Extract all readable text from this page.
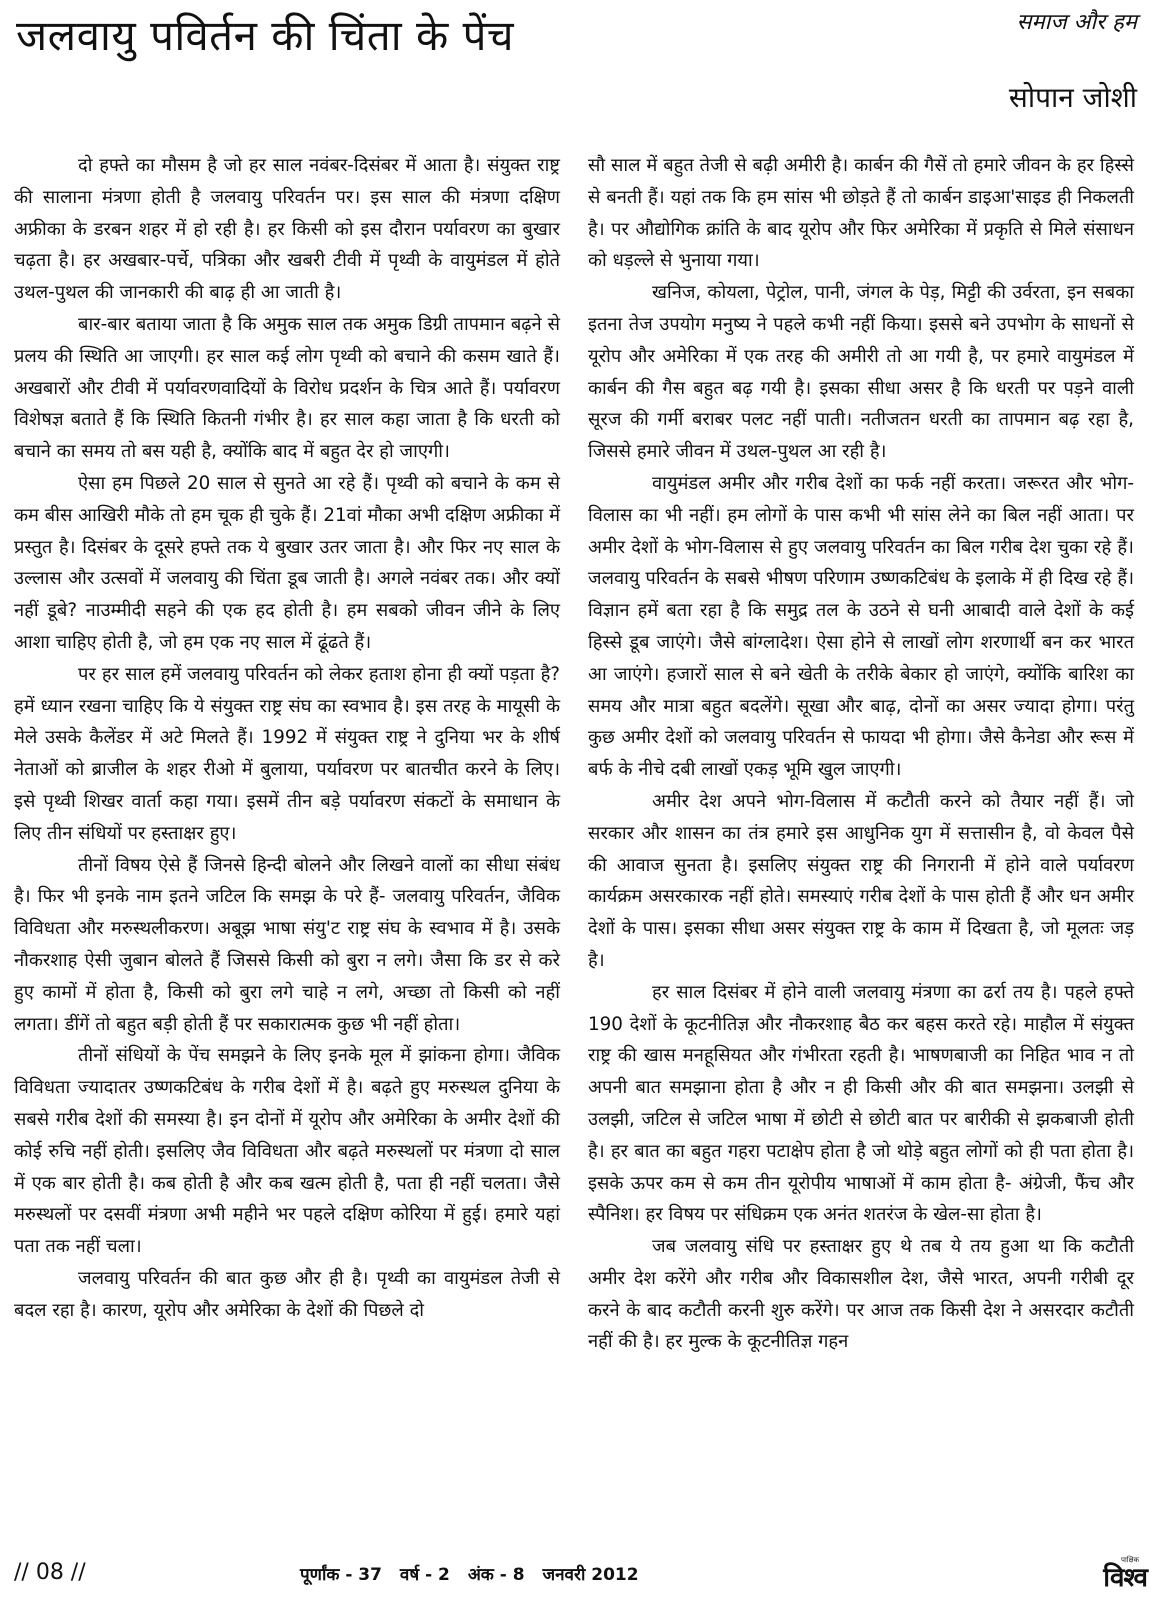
जलवायु पविर्तन की चिंता के पेंच	समाज और हम
सोपान जोशी

दो हफ्ते का मौसम है जो हर साल नवंबर-दिसंबर में आता है। संयुक्त राष्ट्र की सालाना मंत्रणा होती है जलवायु परिवर्तन पर। इस साल की मंत्रणा दक्षिण अफ्रीका के डरबन शहर में हो रही है। हर किसी को इस दौरान पर्यावरण का बुखार चढ़ता है। हर अखबार-पर्चे, पत्रिका और खबरी टीवी में पृथ्वी के वायुमंडल में होते उथल-पुथल की जानकारी की बाढ़ ही आ जाती है।

बार-बार बताया जाता है कि अमुक साल तक अमुक डिग्री तापमान बढ़ने से प्रलय की स्थिति आ जाएगी। हर साल कई लोग पृथ्वी को बचाने की कसम खाते हैं। अखबारों और टीवी में पर्यावरणवादियों के विरोध प्रदर्शन के चित्र आते हैं। पर्यावरण विशेषज्ञ बताते हैं कि स्थिति कितनी गंभीर है। हर साल कहा जाता है कि धरती को बचाने का समय तो बस यही है, क्योंकि बाद में बहुत देर हो जाएगी।

ऐसा हम पिछले 20 साल से सुनते आ रहे हैं। पृथ्वी को बचाने के कम से कम बीस आखिरी मौके तो हम चूक ही चुके हैं। 21वां मौका अभी दक्षिण अफ्रीका में प्रस्तुत है। दिसंबर के दूसरे हफ्ते तक ये बुखार उतर जाता है। और फिर नए साल के उल्लास और उत्सवों में जलवायु की चिंता डूब जाती है। अगले नवंबर तक। और क्यों नहीं डूबे? नाउम्मीदी सहने की एक हद होती है। हम सबको जीवन जीने के लिए आशा चाहिए होती है, जो हम एक नए साल में ढूंढते हैं।

पर हर साल हमें जलवायु परिवर्तन को लेकर हताश होना ही क्यों पड़ता है? हमें ध्यान रखना चाहिए कि ये संयुक्त राष्ट्र संघ का स्वभाव है। इस तरह के मायूसी के मेले उसके कैलेंडर में अटे मिलते हैं। 1992 में संयुक्त राष्ट्र ने दुनिया भर के शीर्ष नेताओं को ब्राजील के शहर रीओ में बुलाया, पर्यावरण पर बातचीत करने के लिए। इसे पृथ्वी शिखर वार्ता कहा गया। इसमें तीन बड़े पर्यावरण संकटों के समाधान के लिए तीन संधियों पर हस्ताक्षर हुए।

तीनों विषय ऐसे हैं जिनसे हिन्दी बोलने और लिखने वालों का सीधा संबंध है। फिर भी इनके नाम इतने जटिल कि समझ के परे हैं- जलवायु परिवर्तन, जैविक विविधता और मरुस्थलीकरण। अबूझ भाषा संयु'ट राष्ट्र संघ के स्वभाव में है। उसके नौकरशाह ऐसी जुबान बोलते हैं जिससे किसी को बुरा न लगे। जैसा कि डर से करे हुए कामों में होता है, किसी को बुरा लगे चाहे न लगे, अच्छा तो किसी को नहीं लगता। डींगें तो बहुत बड़ी होती हैं पर सकारात्मक कुछ भी नहीं होता।

तीनों संधियों के पेंच समझने के लिए इनके मूल में झांकना होगा। जैविक विविधता ज्यादातर उष्णकटिबंध के गरीब देशों में है। बढ़ते हुए मरुस्थल दुनिया के सबसे गरीब देशों की समस्या है। इन दोनों में यूरोप और अमेरिका के अमीर देशों की कोई रुचि नहीं होती। इसलिए जैव विविधता और बढ़ते मरुस्थलों पर मंत्रणा दो साल में एक बार होती है। कब होती है और कब खत्म होती है, पता ही नहीं चलता। जैसे मरुस्थलों पर दसवीं मंत्रणा अभी महीने भर पहले दक्षिण कोरिया में हुई। हमारे यहां पता तक नहीं चला।

जलवायु परिवर्तन की बात कुछ और ही है। पृथ्वी का वायुमंडल तेजी से बदल रहा है। कारण, यूरोप और अमेरिका के देशों की पिछले दो

सौ साल में बहुत तेजी से बढ़ी अमीरी है। कार्बन की गैसें तो हमारे जीवन के हर हिस्से से बनती हैं। यहां तक कि हम सांस भी छोड़ते हैं तो कार्बन डाइआ'साइड ही निकलती है। पर औद्योगिक क्रांति के बाद यूरोप और फिर अमेरिका में प्रकृति से मिले संसाधन को धड़ल्ले से भुनाया गया।

खनिज, कोयला, पेट्रोल, पानी, जंगल के पेड़, मिट्टी की उर्वरता, इन सबका इतना तेज उपयोग मनुष्य ने पहले कभी नहीं किया। इससे बने उपभोग के साधनों से यूरोप और अमेरिका में एक तरह की अमीरी तो आ गयी है, पर हमारे वायुमंडल में कार्बन की गैस बहुत बढ़ गयी है। इसका सीधा असर है कि धरती पर पड़ने वाली सूरज की गर्मी बराबर पलट नहीं पाती। नतीजतन धरती का तापमान बढ़ रहा है, जिससे हमारे जीवन में उथल-पुथल आ रही है।

वायुमंडल अमीर और गरीब देशों का फर्क नहीं करता। जरूरत और भोग-विलास का भी नहीं। हम लोगों के पास कभी भी सांस लेने का बिल नहीं आता। पर अमीर देशों के भोग-विलास से हुए जलवायु परिवर्तन का बिल गरीब देश चुका रहे हैं। जलवायु परिवर्तन के सबसे भीषण परिणाम उष्णकटिबंध के इलाके में ही दिख रहे हैं। विज्ञान हमें बता रहा है कि समुद्र तल के उठने से घनी आबादी वाले देशों के कई हिस्से डूब जाएंगे। जैसे बांग्लादेश। ऐसा होने से लाखों लोग शरणार्थी बन कर भारत आ जाएंगे। हजारों साल से बने खेती के तरीके बेकार हो जाएंगे, क्योंकि बारिश का समय और मात्रा बहुत बदलेंगे। सूखा और बाढ़, दोनों का असर ज्यादा होगा। परंतु कुछ अमीर देशों को जलवायु परिवर्तन से फायदा भी होगा। जैसे कैनेडा और रूस में बर्फ के नीचे दबी लाखों एकड़ भूमि खुल जाएगी।

अमीर देश अपने भोग-विलास में कटौती करने को तैयार नहीं हैं। जो सरकार और शासन का तंत्र हमारे इस आधुनिक युग में सत्तासीन है, वो केवल पैसे की आवाज सुनता है। इसलिए संयुक्त राष्ट्र की निगरानी में होने वाले पर्यावरण कार्यक्रम असरकारक नहीं होते। समस्याएं गरीब देशों के पास होती हैं और धन अमीर देशों के पास। इसका सीधा असर संयुक्त राष्ट्र के काम में दिखता है, जो मूलतः जड़ है।

हर साल दिसंबर में होने वाली जलवायु मंत्रणा का ढर्रा तय है। पहले हफ्ते 190 देशों के कूटनीतिज्ञ और नौकरशाह बैठ कर बहस करते रहे। माहौल में संयुक्त राष्ट्र की खास मनहूसियत और गंभीरता रहती है। भाषणबाजी का निहित भाव न तो अपनी बात समझाना होता है और न ही किसी और की बात समझना। उलझी से उलझी, जटिल से जटिल भाषा में छोटी से छोटी बात पर बारीकी से झकबाजी होती है। हर बात का बहुत गहरा पटाक्षेप होता है जो थोड़े बहुत लोगों को ही पता होता है। इसके ऊपर कम से कम तीन यूरोपीय भाषाओं में काम होता है- अंग्रेजी, फैंच और स्पैनिश। हर विषय पर संधिक्रम एक अनंत शतरंज के खेल-सा होता है।

जब जलवायु संधि पर हस्ताक्षर हुए थे तब ये तय हुआ था कि कटौती अमीर देश करेंगे और गरीब और विकासशील देश, जैसे भारत, अपनी गरीबी दूर करने के बाद कटौती करनी शुरु करेंगे। पर आज तक किसी देश ने असरदार कटौती नहीं की है। हर मुल्क के कूटनीतिज्ञ गहन

// 08 //	पूर्णांक - 37 वर्ष - 2 अंक - 8 जनवरी 2012
पाक्षिक
विश्व
